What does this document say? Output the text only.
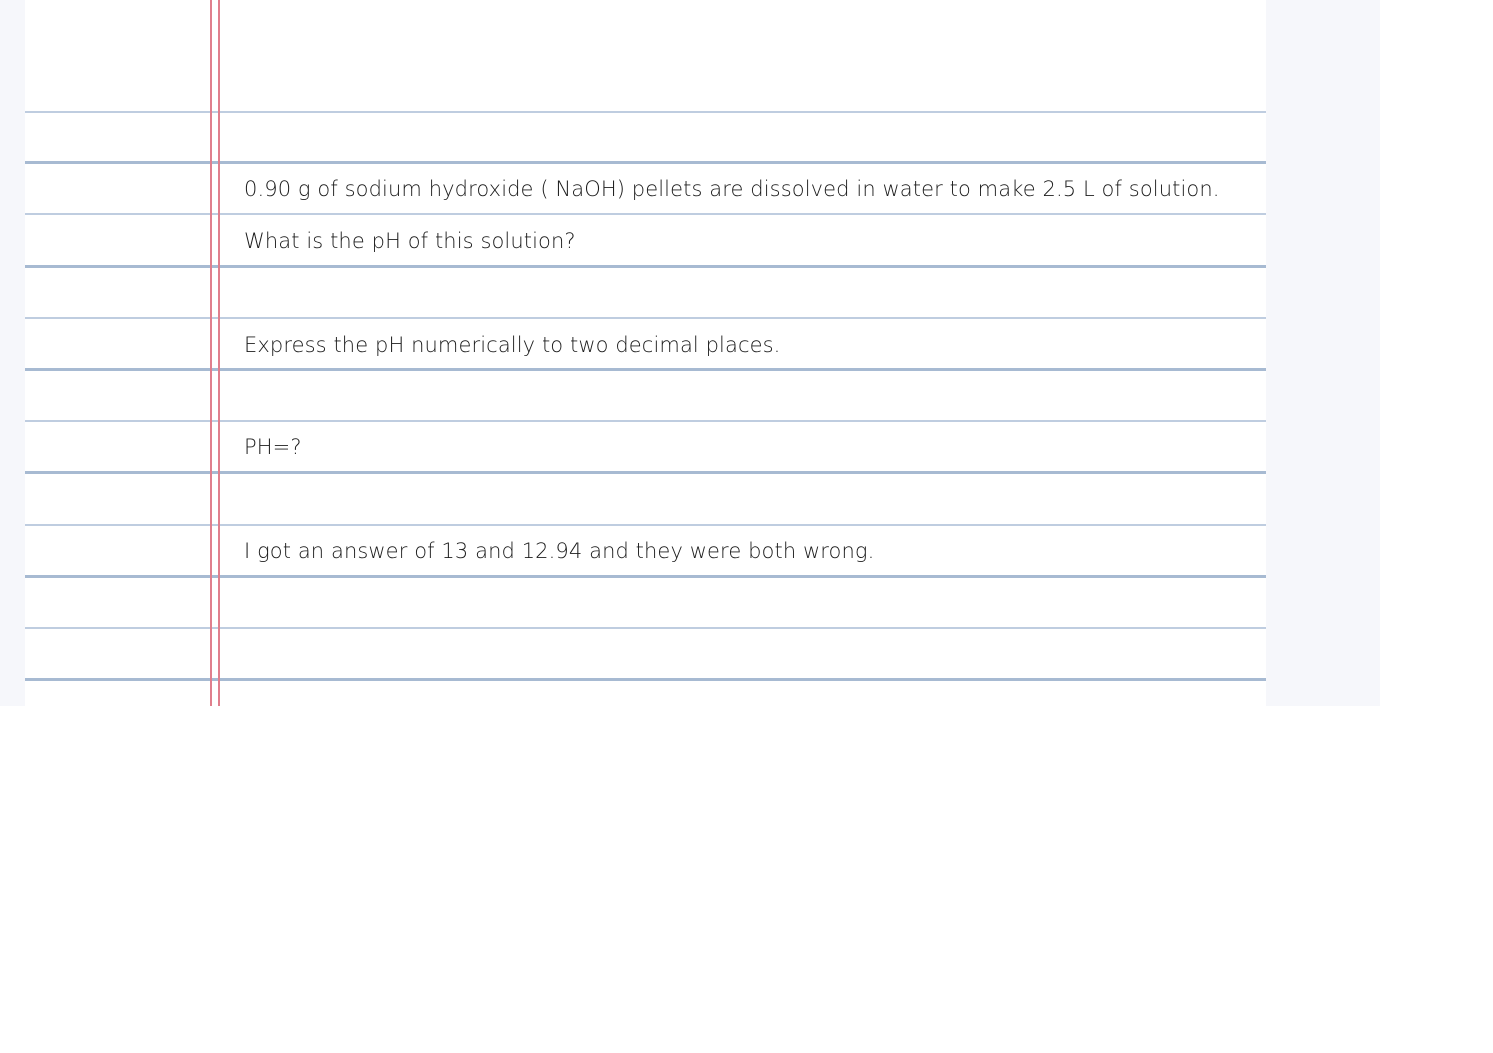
0.90 g of sodium hydroxide ( NaOH) pellets are dissolved in water to make 2.5 L of solution.

What is the pH of this solution?

Express the pH numerically to two decimal places.

PH=?

I got an answer of 13 and 12.94 and they were both wrong.
